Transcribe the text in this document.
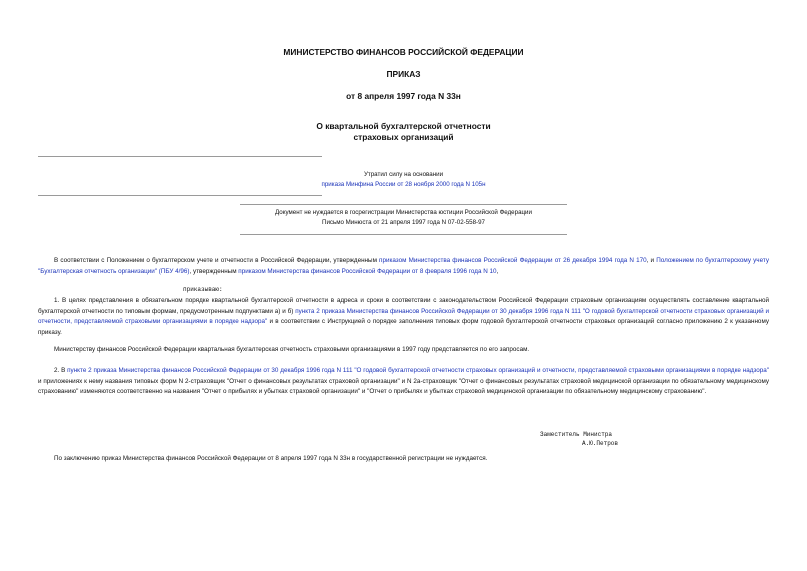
МИНИСТЕРСТВО ФИНАНСОВ РОССИЙСКОЙ ФЕДЕРАЦИИ
ПРИКАЗ
от 8 апреля 1997 года N 33н
О квартальной бухгалтерской отчетности
страховых организаций
Утратил силу на основании
приказа Минфина России от 28 ноября 2000 года N 105н
Документ не нуждается в госрегистрации Министерства юстиции Российской Федерации
Письмо Минюста от 21 апреля 1997 года N 07-02-558-97
В соответствии с Положением о бухгалтерском учете и отчетности в Российской Федерации, утвержденным приказом Министерства финансов Российской Федерации от 26 декабря 1994 года N 170, и Положением по бухгалтерскому учету "Бухгалтерская отчетность организации" (ПБУ 4/96), утвержденным приказом Министерства финансов Российской Федерации от 8 февраля 1996 года N 10,
приказываю:
1. В целях представления в обязательном порядке квартальной бухгалтерской отчетности в адреса и сроки в соответствии с законодательством Российской Федерации страховым организациям осуществлять составление квартальной бухгалтерской отчетности по типовым формам, предусмотренным подпунктами а) и б) пункта 2 приказа Министерства финансов Российской Федерации от 30 декабря 1996 года N 111 "О годовой бухгалтерской отчетности страховых организаций и отчетности, представляемой страховыми организациями в порядке надзора" и в соответствии с Инструкцией о порядке заполнения типовых форм годовой бухгалтерской отчетности страховых организаций согласно приложению 2 к указанному приказу.
Министерству финансов Российской Федерации квартальная бухгалтерская отчетность страховыми организациями в 1997 году представляется по его запросам.
2. В пункте 2 приказа Министерства финансов Российской Федерации от 30 декабря 1996 года N 111 "О годовой бухгалтерской отчетности страховых организаций и отчетности, представляемой страховыми организациями в порядке надзора" и приложениях к нему названия типовых форм N 2-страховщик "Отчет о финансовых результатах страховой организации" и N 2а-страховщик "Отчет о финансовых результатах страховой медицинской организации по обязательному медицинскому страхованию" изменяются соответственно на названия "Отчет о прибылях и убытках страховой организации" и "Отчет о прибылях и убытках страховой медицинской организации по обязательному медицинскому страхованию".
Заместитель Министра
А.Ю.Петров
По заключению приказ Министерства финансов Российской Федерации от 8 апреля 1997 года N 33н в государственной регистрации не нуждается.
